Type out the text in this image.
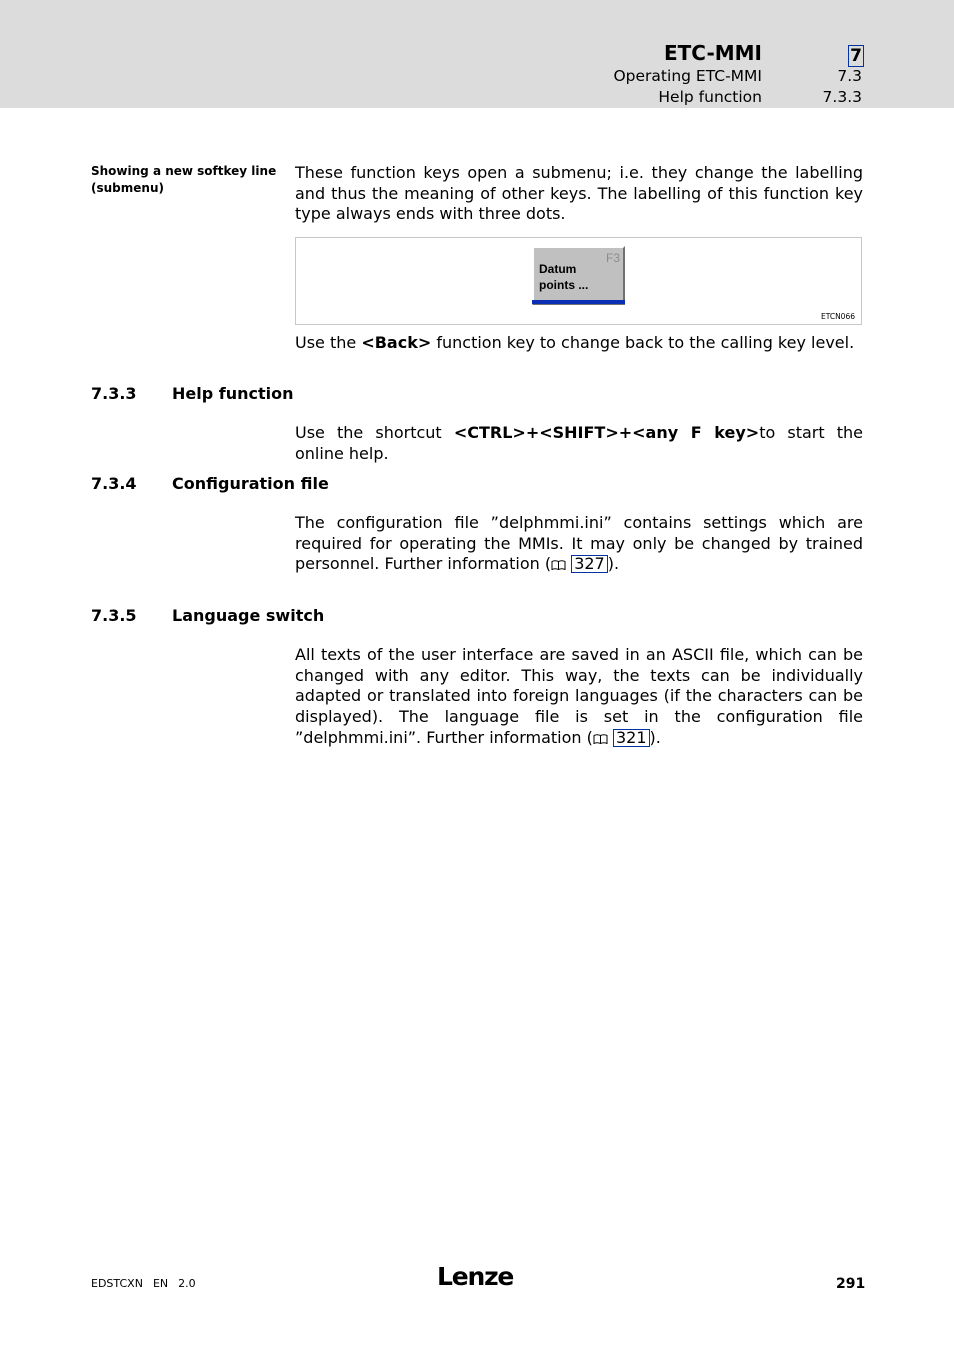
ETC-MMI	7
Operating ETC-MMI	7.3
Help function	7.3.3
Showing a new softkey line (submenu)
These function keys open a submenu; i.e. they change the labelling and thus the meaning of other keys. The labelling of this function key type always ends with three dots.
F3
Datum
points ...
ETCN066
Use the <Back> function key to change back to the calling key level.
7.3.3 Help function
Use the shortcut <CTRL>+<SHIFT>+<any F key>to start the online help.
7.3.4 Configuration file
The configuration file ”delphmmi.ini” contains settings which are required for operating the MMIs. It may only be changed by trained personnel. Further information ( 327 ).
7.3.5 Language switch
All texts of the user interface are saved in an ASCII file, which can be changed with any editor. This way, the texts can be individually adapted or translated into foreign languages (if the characters can be displayed). The language file is set in the configuration file ”delphmmi.ini”. Further information ( 321 ).
EDSTCXN EN 2.0	Lenze	291
